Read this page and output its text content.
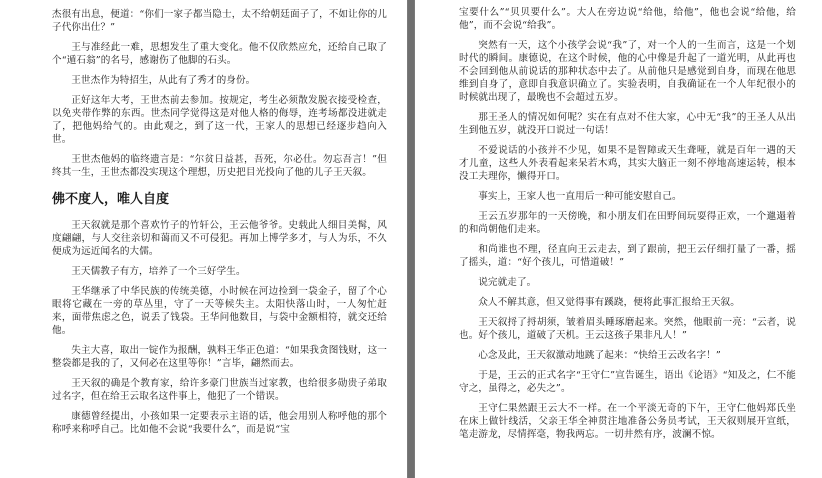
杰很有出息，便道：“你们一家子都当隐士，太不给朝廷面子了，不如让你的儿子代你出仕？”

王与准经此一难，思想发生了重大变化。他不仅欣然应允，还给自己取了个“遁石翁”的名号，感谢伤了他脚的石头。

王世杰作为特招生，从此有了秀才的身份。

正好这年大考，王世杰前去参加。按规定，考生必须散发脱衣接受检查，以免夹带作弊的东西。世杰同学觉得这是对他人格的侮辱，连考场都没进就走了，把他妈给气的。由此观之，到了这一代，王家人的思想已经逐步趋向入世。

王世杰他妈的临终遗言是：“尔贫日益甚，吾死，尔必仕。勿忘吾言！”但终其一生，王世杰都没实现这个理想，历史把目光投向了他的儿子王天叙。

佛不度人，唯人自度

王天叙就是那个喜欢竹子的竹轩公，王云他爷爷。史载此人细目美髯，风度翩翩，与人交往亲切和蔼而又不可侵犯。再加上博学多才，与人为乐，不久便成为远近闻名的大儒。

王天儒教子有方，培养了一个三好学生。

王华继承了中华民族的传统美德，小时候在河边捡到一袋金子，留了个心眼将它藏在一旁的草丛里，守了一天等候失主。太阳快落山时，一人匆忙赶来，面带焦虑之色，说丢了钱袋。王华问他数目，与袋中金额相符，就交还给他。

失主大喜，取出一锭作为报酬，孰料王华正色道：“如果我贪图钱财，这一整袋都是我的了，又何必在这里等你！”言毕，翩然而去。

王天叙的确是个教育家，给许多豪门世族当过家教，也给很多勋贵子弟取过名字，但在给王云取名这件事上，他犯了一个错误。

康德曾经提出，小孩如果一定要表示主语的话，他会用别人称呼他的那个称呼来称呼自己。比如他不会说“我要什么”，而是说“宝

宝要什么”“贝贝要什么”。大人在旁边说“给他，给他”，他也会说“给他，给他”，而不会说“给我”。

突然有一天，这个小孩学会说“我”了，对一个人的一生而言，这是一个划时代的瞬间。康德说，在这个时候，他的心中像是升起了一道光明，从此再也不会回到他从前说话的那种状态中去了。从前他只是感觉到自身，而现在他思维到自身了，意即自我意识确立了。实验表明，自我确证在一个人年纪很小的时候就出现了，最晚也不会超过五岁。

那王圣人的情况如何呢？实在有点对不住大家，心中无“我”的王圣人从出生到他五岁，就没开口说过一句话！

不爱说话的小孩并不少见，如果不是智障或天生聋哑，就是百年一遇的天才儿童，这些人外表看起来呆若木鸡，其实大脑正一刻不停地高速运转，根本没工夫理你，懒得开口。

事实上，王家人也一直用后一种可能安慰自己。

王云五岁那年的一天傍晚，和小朋友们在田野间玩耍得正欢，一个邋遢着的和尚朝他们走来。

和尚谁也不理，径直向王云走去，到了跟前，把王云仔细打量了一番，摇了摇头，道：“好个孩儿，可惜道破！”

说完就走了。

众人不解其意，但又觉得事有蹊跷，便将此事汇报给王天叙。

王天叙捋了捋胡须，皱着眉头睡琢磨起来。突然，他眼前一亮：“云者，说也。好个孩儿，道破了天机。王云这孩子果非凡人！”

心念及此，王天叙激动地跳了起来：“快给王云改名字！”

于是，王云的正式名字“王守仁”宣告诞生，语出《论语》“知及之，仁不能守之，虽得之，必失之”。

王守仁果然跟王云大不一样。在一个平淡无奇的下午，王守仁他妈郑氏坐在床上做针线活，父亲王华全神贯注地准备公务员考试，王天叙则展开宣纸，笔走游龙，尽情挥毫，物我两忘。一切井然有序，波澜不惊。
